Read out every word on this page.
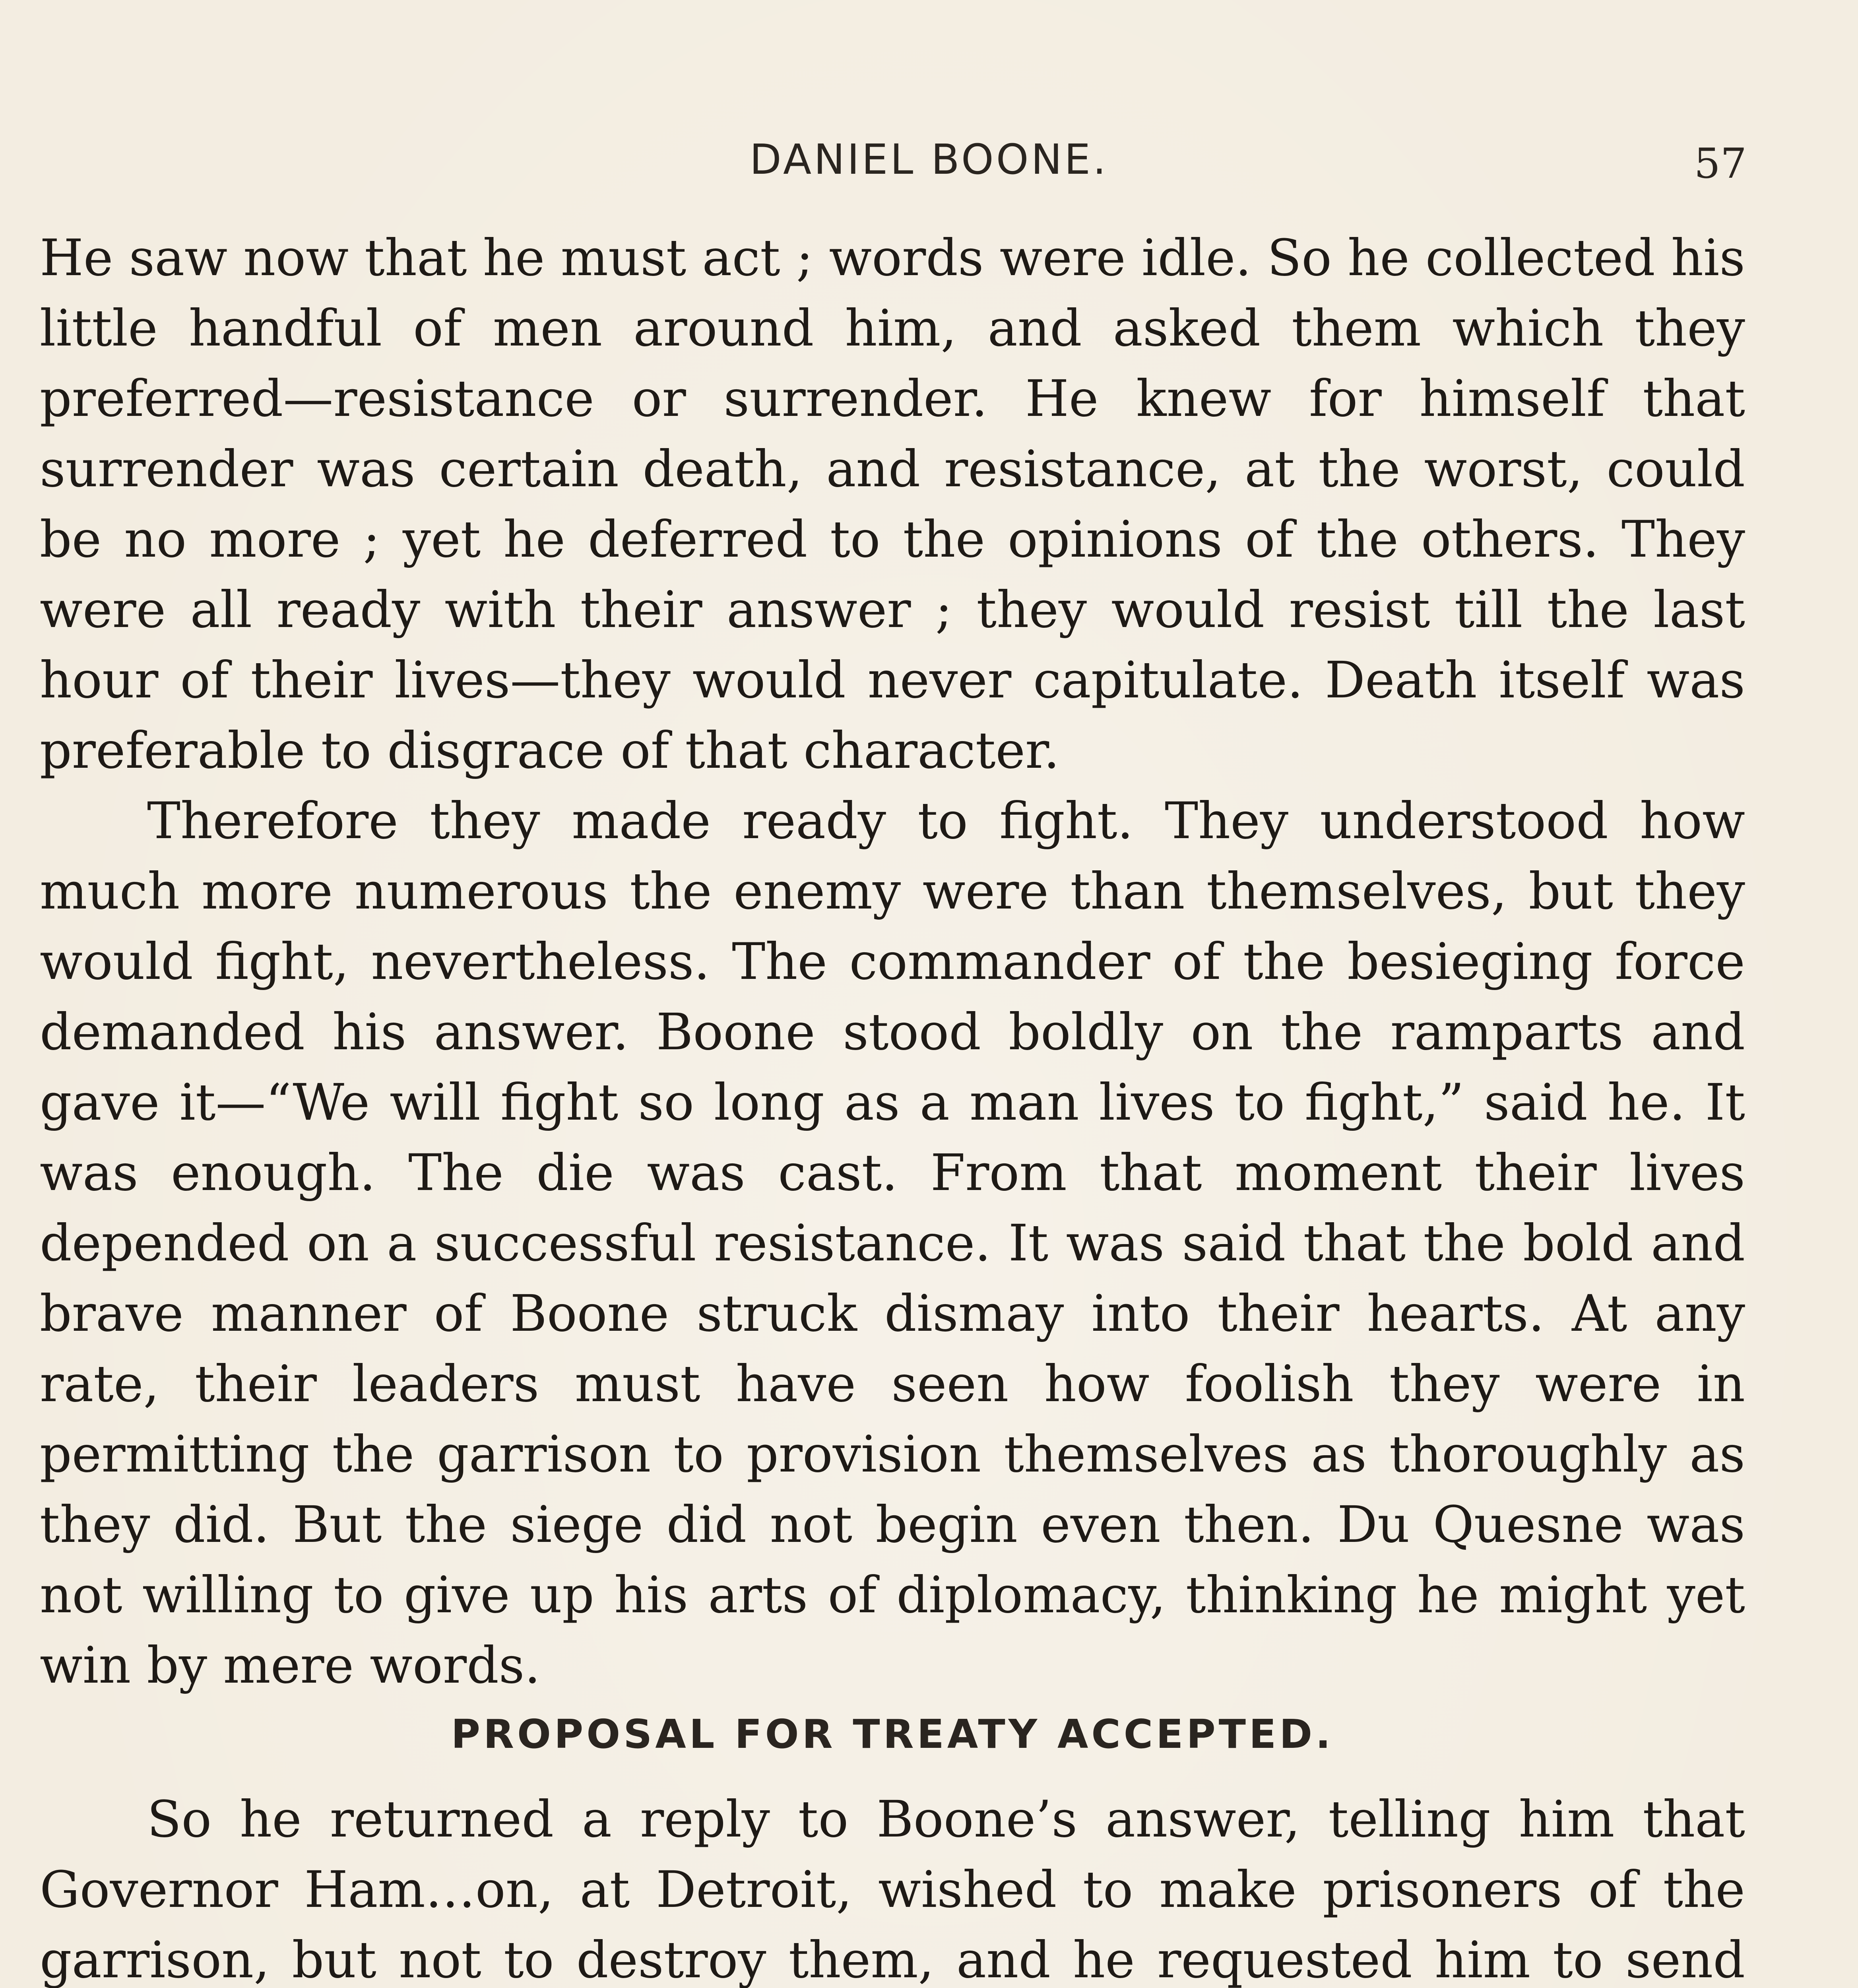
DANIEL BOONE.	57

He saw now that he must act ; words were idle. So he collected his little handful of men around him, and asked them which they preferred—resistance or surrender. He knew for himself that surrender was certain death, and resistance, at the worst, could be no more ; yet he deferred to the opinions of the others. They were all ready with their answer ; they would resist till the last hour of their lives—they would never capitulate. Death itself was preferable to disgrace of that character.

Therefore they made ready to fight. They understood how much more numerous the enemy were than themselves, but they would fight, nevertheless. The commander of the besieging force demanded his answer. Boone stood boldly on the ramparts and gave it—“We will fight so long as a man lives to fight,” said he. It was enough. The die was cast. From that moment their lives depended on a successful resistance. It was said that the bold and brave manner of Boone struck dismay into their hearts. At any rate, their leaders must have seen how foolish they were in permitting the garrison to provision themselves as thoroughly as they did. But the siege did not begin even then. Du Quesne was not willing to give up his arts of diplomacy, thinking he might yet win by mere words.

PROPOSAL FOR TREATY ACCEPTED.

So he returned a reply to Boone’s answer, telling him that Governor Ham…on, at Detroit, wished to make prisoners of the garrison, but not to destroy them, and he requested him to send
